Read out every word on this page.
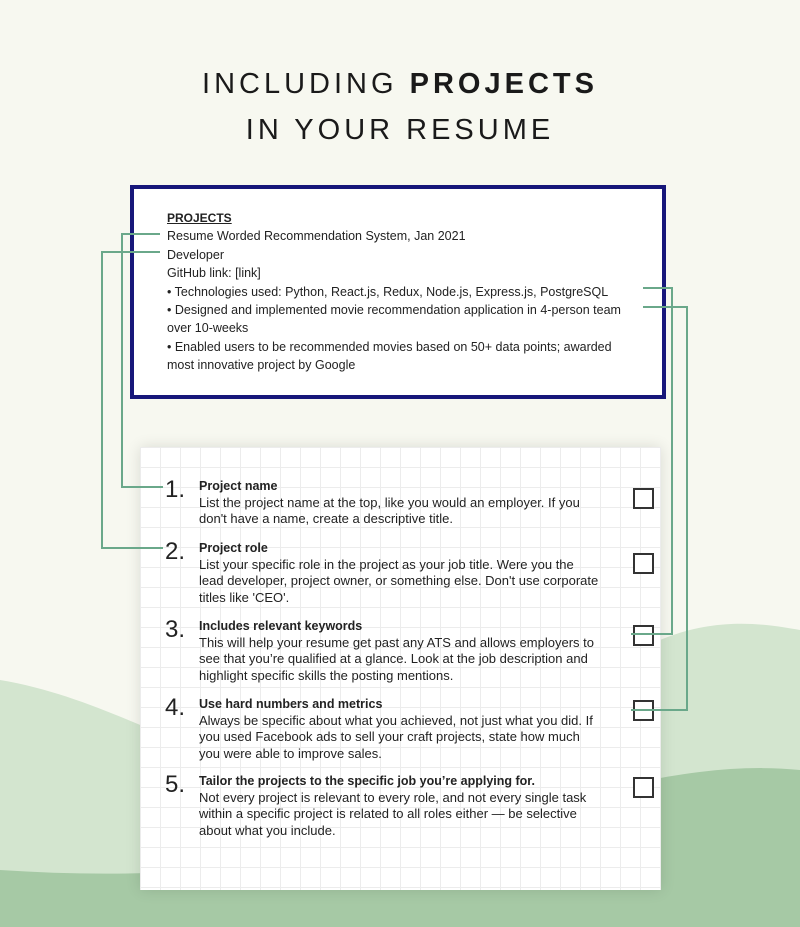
INCLUDING PROJECTS
IN YOUR RESUME
PROJECTS
Resume Worded Recommendation System, Jan 2021
Developer
GitHub link: [link]
• Technologies used: Python, React.js, Redux, Node.js, Express.js, PostgreSQL
• Designed and implemented movie recommendation application in 4-person team
over 10-weeks
• Enabled users to be recommended movies based on 50+ data points; awarded
most innovative project by Google
1. Project name
List the project name at the top, like you would an employer. If you don't have a name, create a descriptive title.
2. Project role
List your specific role in the project as your job title. Were you the lead developer, project owner, or something else. Don't use corporate titles like 'CEO'.
3. Includes relevant keywords
This will help your resume get past any ATS and allows employers to see that you’re qualified at a glance. Look at the job description and highlight specific skills the posting mentions.
4. Use hard numbers and metrics
Always be specific about what you achieved, not just what you did. If you used Facebook ads to sell your craft projects, state how much you were able to improve sales.
5. Tailor the projects to the specific job you’re applying for.
Not every project is relevant to every role, and not every single task within a specific project is related to all roles either — be selective about what you include.
